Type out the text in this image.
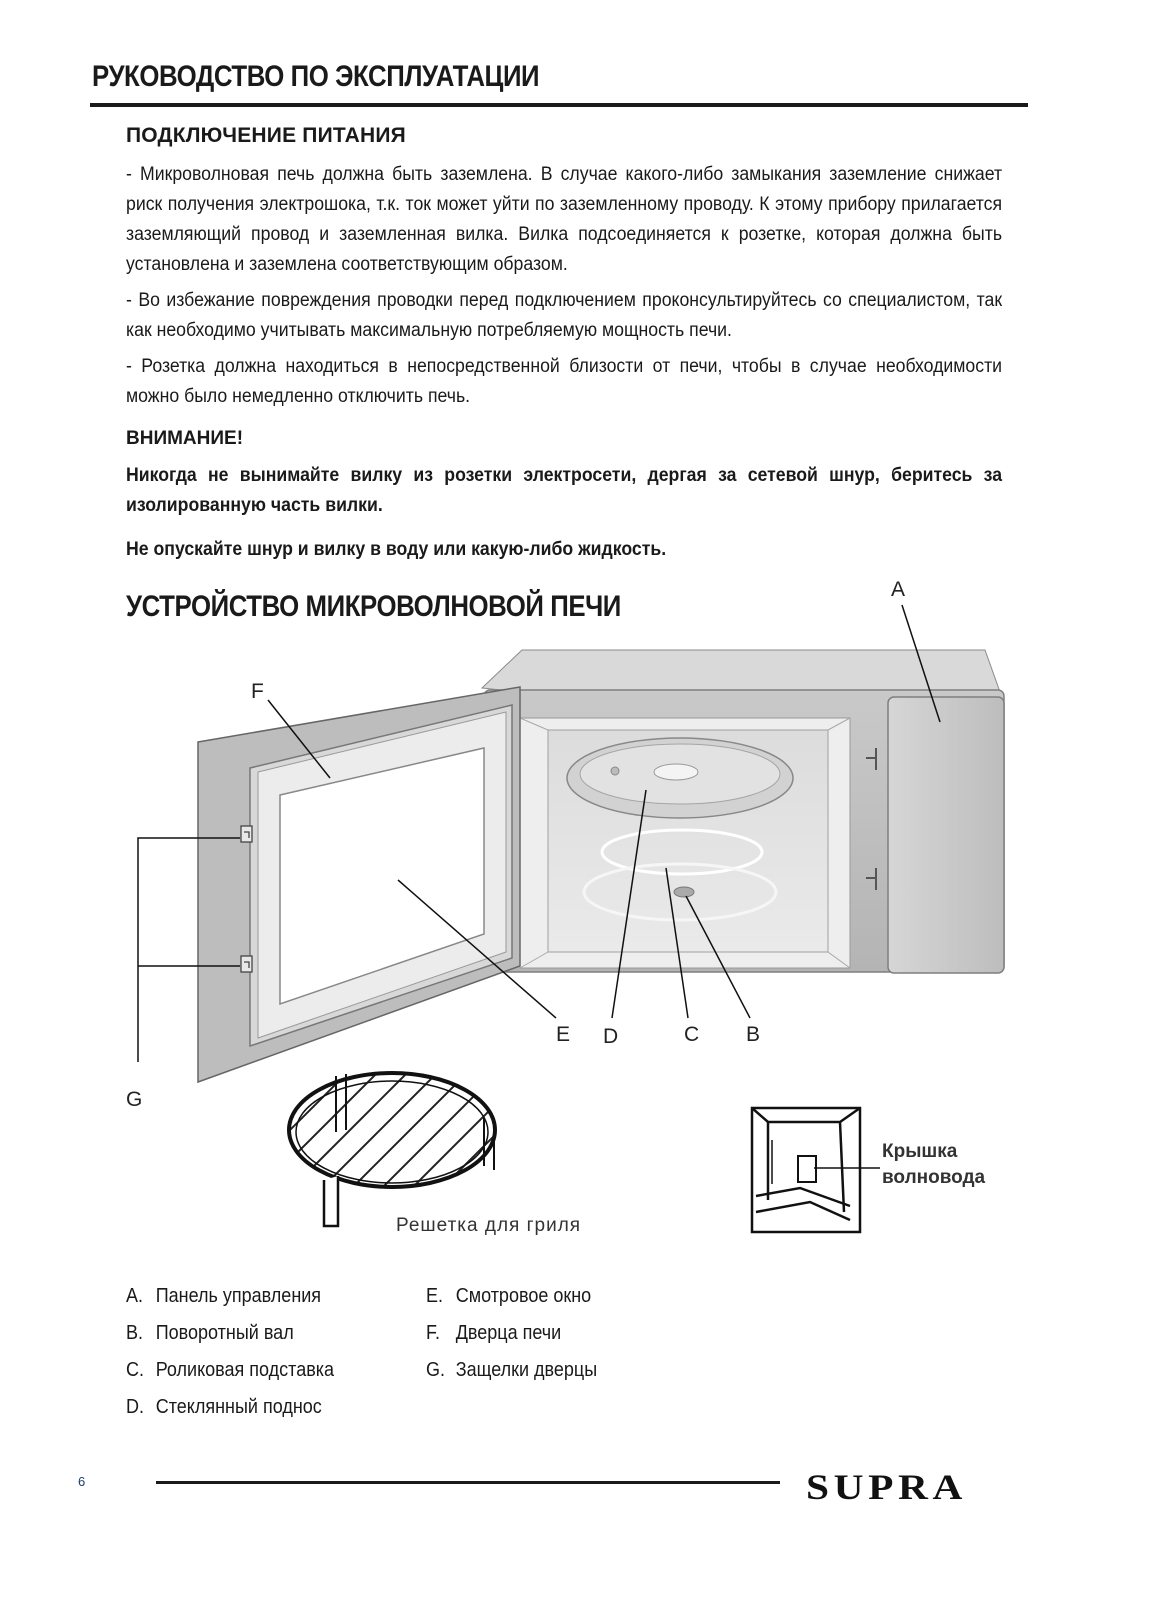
РУКОВОДСТВО ПО ЭКСПЛУАТАЦИИ
ПОДКЛЮЧЕНИЕ ПИТАНИЯ

- Микроволновая печь должна быть заземлена. В случае какого-либо замыкания заземление снижает риск получения электрошока, т.к. ток может уйти по заземленному проводу. К этому прибору прилагается заземляющий провод и заземленная вилка. Вилка подсоединяется к розетке, которая должна быть установлена и заземлена соответствующим образом.

- Во избежание повреждения проводки перед подключением проконсультируйтесь со специалистом, так как необходимо учитывать максимальную потребляемую мощность печи.

- Розетка должна находиться в непосредственной близости от печи, чтобы в случае необходимости можно было немедленно отключить печь.

ВНИМАНИЕ!

Никогда не вынимайте вилку из розетки электросети, дергая за сетевой шнур, беритесь за изолированную часть вилки.

Не опускайте шнур и вилку в воду или какую-либо жидкость.

УСТРОЙСТВО МИКРОВОЛНОВОЙ ПЕЧИ
A
F
E D	C B
G
Решетка для гриля
Крышка
волновода
A. Панель управления	E. Смотровое окно
B. Поворотный вал	F. Дверца печи
C. Роликовая подставка	G. Защелки дверцы
D. Стеклянный поднос
6	SUPRA
